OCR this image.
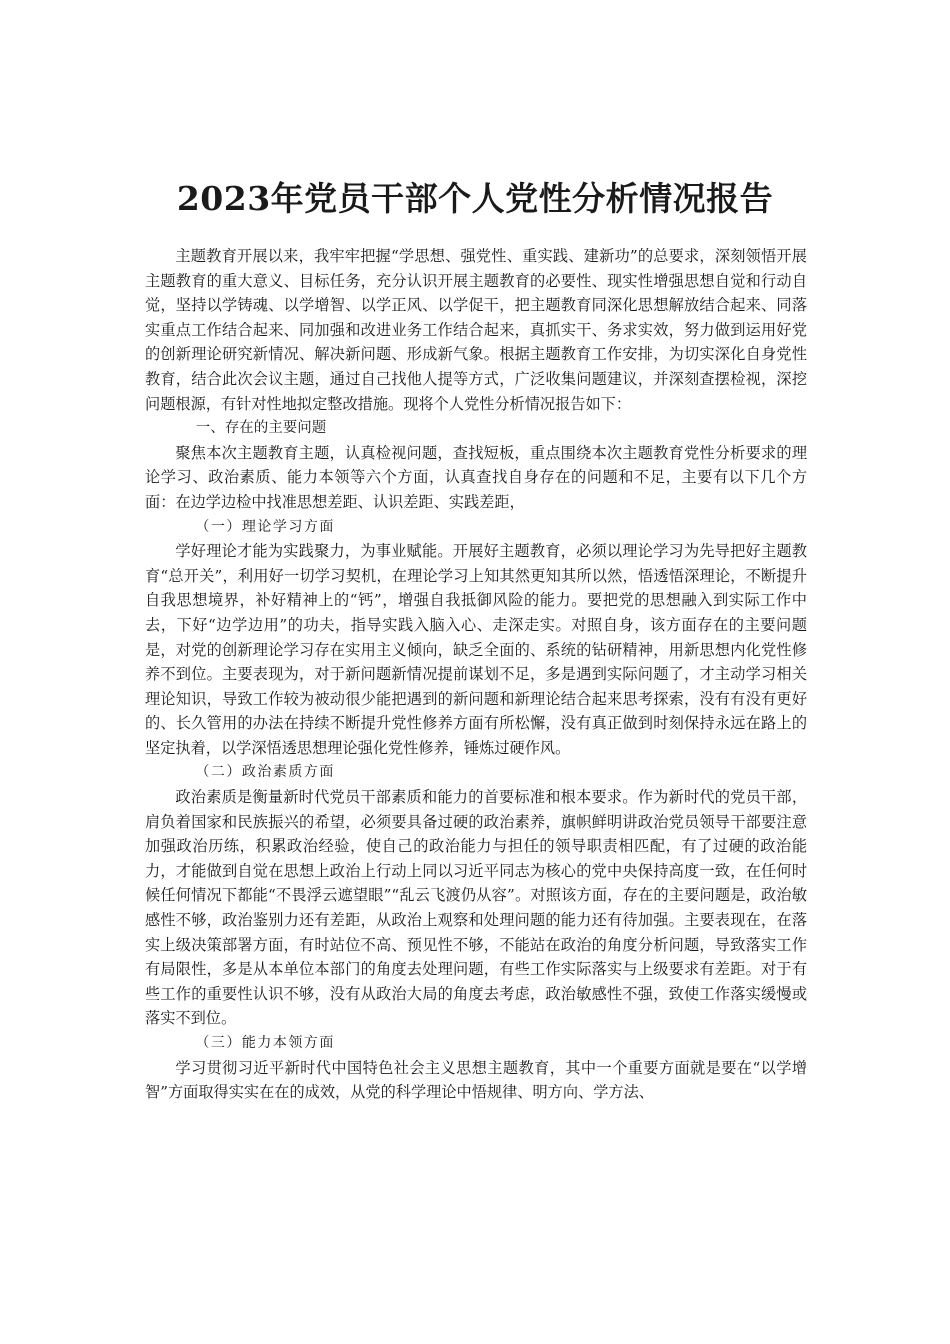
2023年党员干部个人党性分析情况报告

主题教育开展以来，我牢牢把握“学思想、强党性、重实践、建新功”的总要求，深刻领悟开展主题教育的重大意义、目标任务，充分认识开展主题教育的必要性、现实性增强思想自觉和行动自觉，坚持以学铸魂、以学增智、以学正风、以学促干，把主题教育同深化思想解放结合起来、同落实重点工作结合起来、同加强和改进业务工作结合起来，真抓实干、务求实效，努力做到运用好党的创新理论研究新情况、解决新问题、形成新气象。根据主题教育工作安排，为切实深化自身党性教育，结合此次会议主题，通过自己找他人提等方式，广泛收集问题建议，并深刻查摆检视，深挖问题根源，有针对性地拟定整改措施。现将个人党性分析情况报告如下：

一、存在的主要问题

聚焦本次主题教育主题，认真检视问题，查找短板，重点围绕本次主题教育党性分析要求的理论学习、政治素质、能力本领等六个方面，认真查找自身存在的问题和不足，主要有以下几个方面：在边学边检中找准思想差距、认识差距、实践差距，

（一）理论学习方面

学好理论才能为实践聚力，为事业赋能。开展好主题教育，必须以理论学习为先导把好主题教育“总开关”，利用好一切学习契机，在理论学习上知其然更知其所以然，悟透悟深理论，不断提升自我思想境界，补好精神上的“钙”，增强自我抵御风险的能力。要把党的思想融入到实际工作中去，下好“边学边用”的功夫，指导实践入脑入心、走深走实。对照自身，该方面存在的主要问题是，对党的创新理论学习存在实用主义倾向，缺乏全面的、系统的钻研精神，用新思想内化党性修养不到位。主要表现为，对于新问题新情况提前谋划不足，多是遇到实际问题了，才主动学习相关理论知识，导致工作较为被动很少能把遇到的新问题和新理论结合起来思考探索，没有有没有更好的、长久管用的办法在持续不断提升党性修养方面有所松懈，没有真正做到时刻保持永远在路上的坚定执着，以学深悟透思想理论强化党性修养，锤炼过硬作风。

（二）政治素质方面

政治素质是衡量新时代党员干部素质和能力的首要标准和根本要求。作为新时代的党员干部，肩负着国家和民族振兴的希望，必须要具备过硬的政治素养，旗帜鲜明讲政治党员领导干部要注意加强政治历练，积累政治经验，使自己的政治能力与担任的领导职责相匹配，有了过硬的政治能力，才能做到自觉在思想上政治上行动上同以习近平同志为核心的党中央保持高度一致，在任何时候任何情况下都能“不畏浮云遮望眼”“乱云飞渡仍从容”。对照该方面，存在的主要问题是，政治敏感性不够，政治鉴别力还有差距，从政治上观察和处理问题的能力还有待加强。主要表现在，在落实上级决策部署方面，有时站位不高、预见性不够，不能站在政治的角度分析问题，导致落实工作有局限性，多是从本单位本部门的角度去处理问题，有些工作实际落实与上级要求有差距。对于有些工作的重要性认识不够，没有从政治大局的角度去考虑，政治敏感性不强，致使工作落实缓慢或落实不到位。

（三）能力本领方面

学习贯彻习近平新时代中国特色社会主义思想主题教育，其中一个重要方面就是要在“以学增智”方面取得实实在在的成效，从党的科学理论中悟规律、明方向、学方法、
